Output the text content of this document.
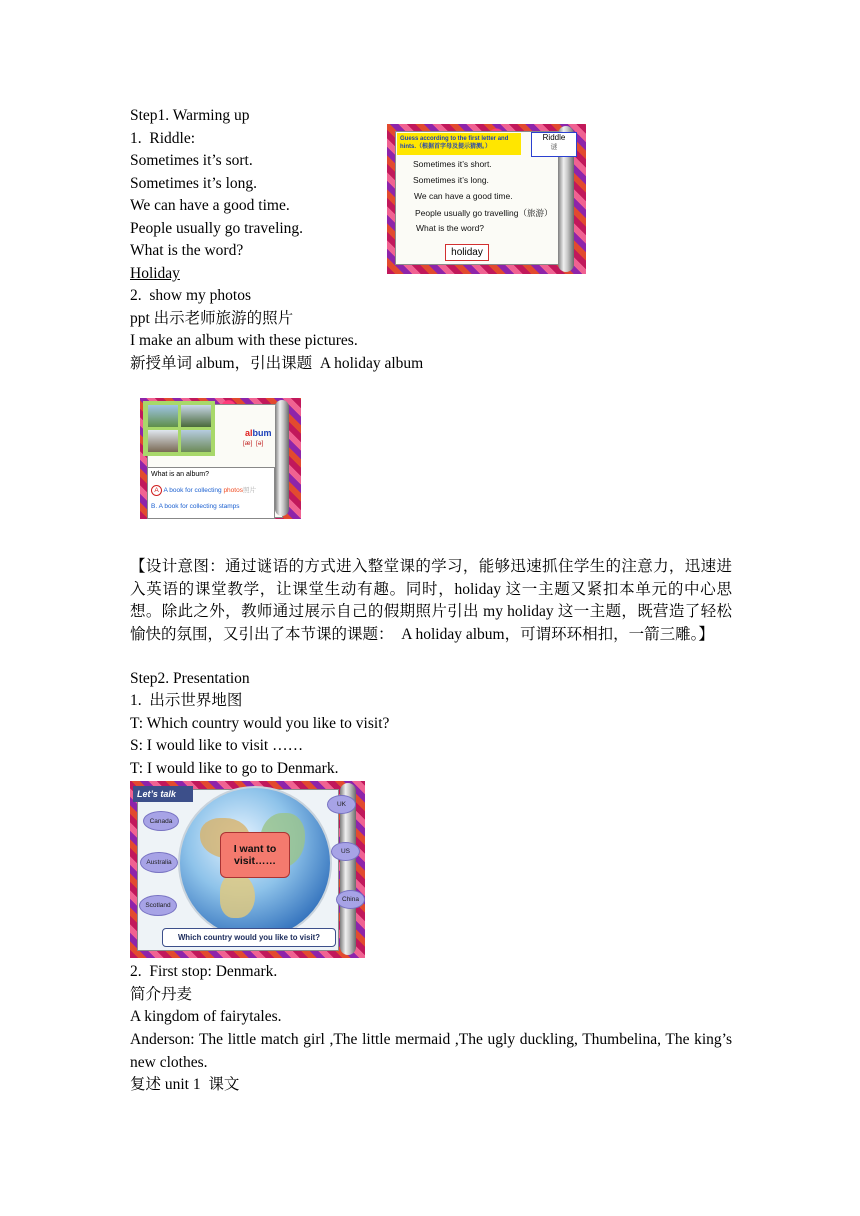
Step1. Warming up
1.  Riddle:
Sometimes it’s sort.
Sometimes it’s long.
We can have a good time.
People usually go traveling.
What is the word?
Holiday
2.  show my photos
ppt 出示老师旅游的照片
I make an album with these pictures.
新授单词 album，引出课题  A holiday album
Guess according to the first letter and hints.（根据首字母及提示猜测。）
Riddle
谜
Sometimes it’s short.
Sometimes it’s long.
We can have a good time.
People usually go travelling（旅游）
What is the word?
holiday
album
[æ] [ə]
What is an album?
A A book for collecting photos照片
B. A book for collecting stamps
【设计意图：通过谜语的方式进入整堂课的学习，能够迅速抓住学生的注意力，迅速进入英语的课堂教学，让课堂生动有趣。同时，holiday 这一主题又紧扣本单元的中心思想。除此之外，教师通过展示自己的假期照片引出 my holiday 这一主题，既营造了轻松愉快的氛围，又引出了本节课的课题：  A holiday album，可谓环环相扣，一箭三雕。】
Step2. Presentation
1.  出示世界地图
T: Which country would you like to visit?
S: I would like to visit ……
T: I would like to go to Denmark.
Let’s talk
I want to visit……
Canada
Australia
Scotland
UK
US
China
Which country would you like to visit?
2.  First stop: Denmark.
简介丹麦
A kingdom of fairytales.
Anderson: The little match girl ,The little mermaid ,The ugly duckling, Thumbelina, The king’s new clothes.
复述 unit 1  课文
